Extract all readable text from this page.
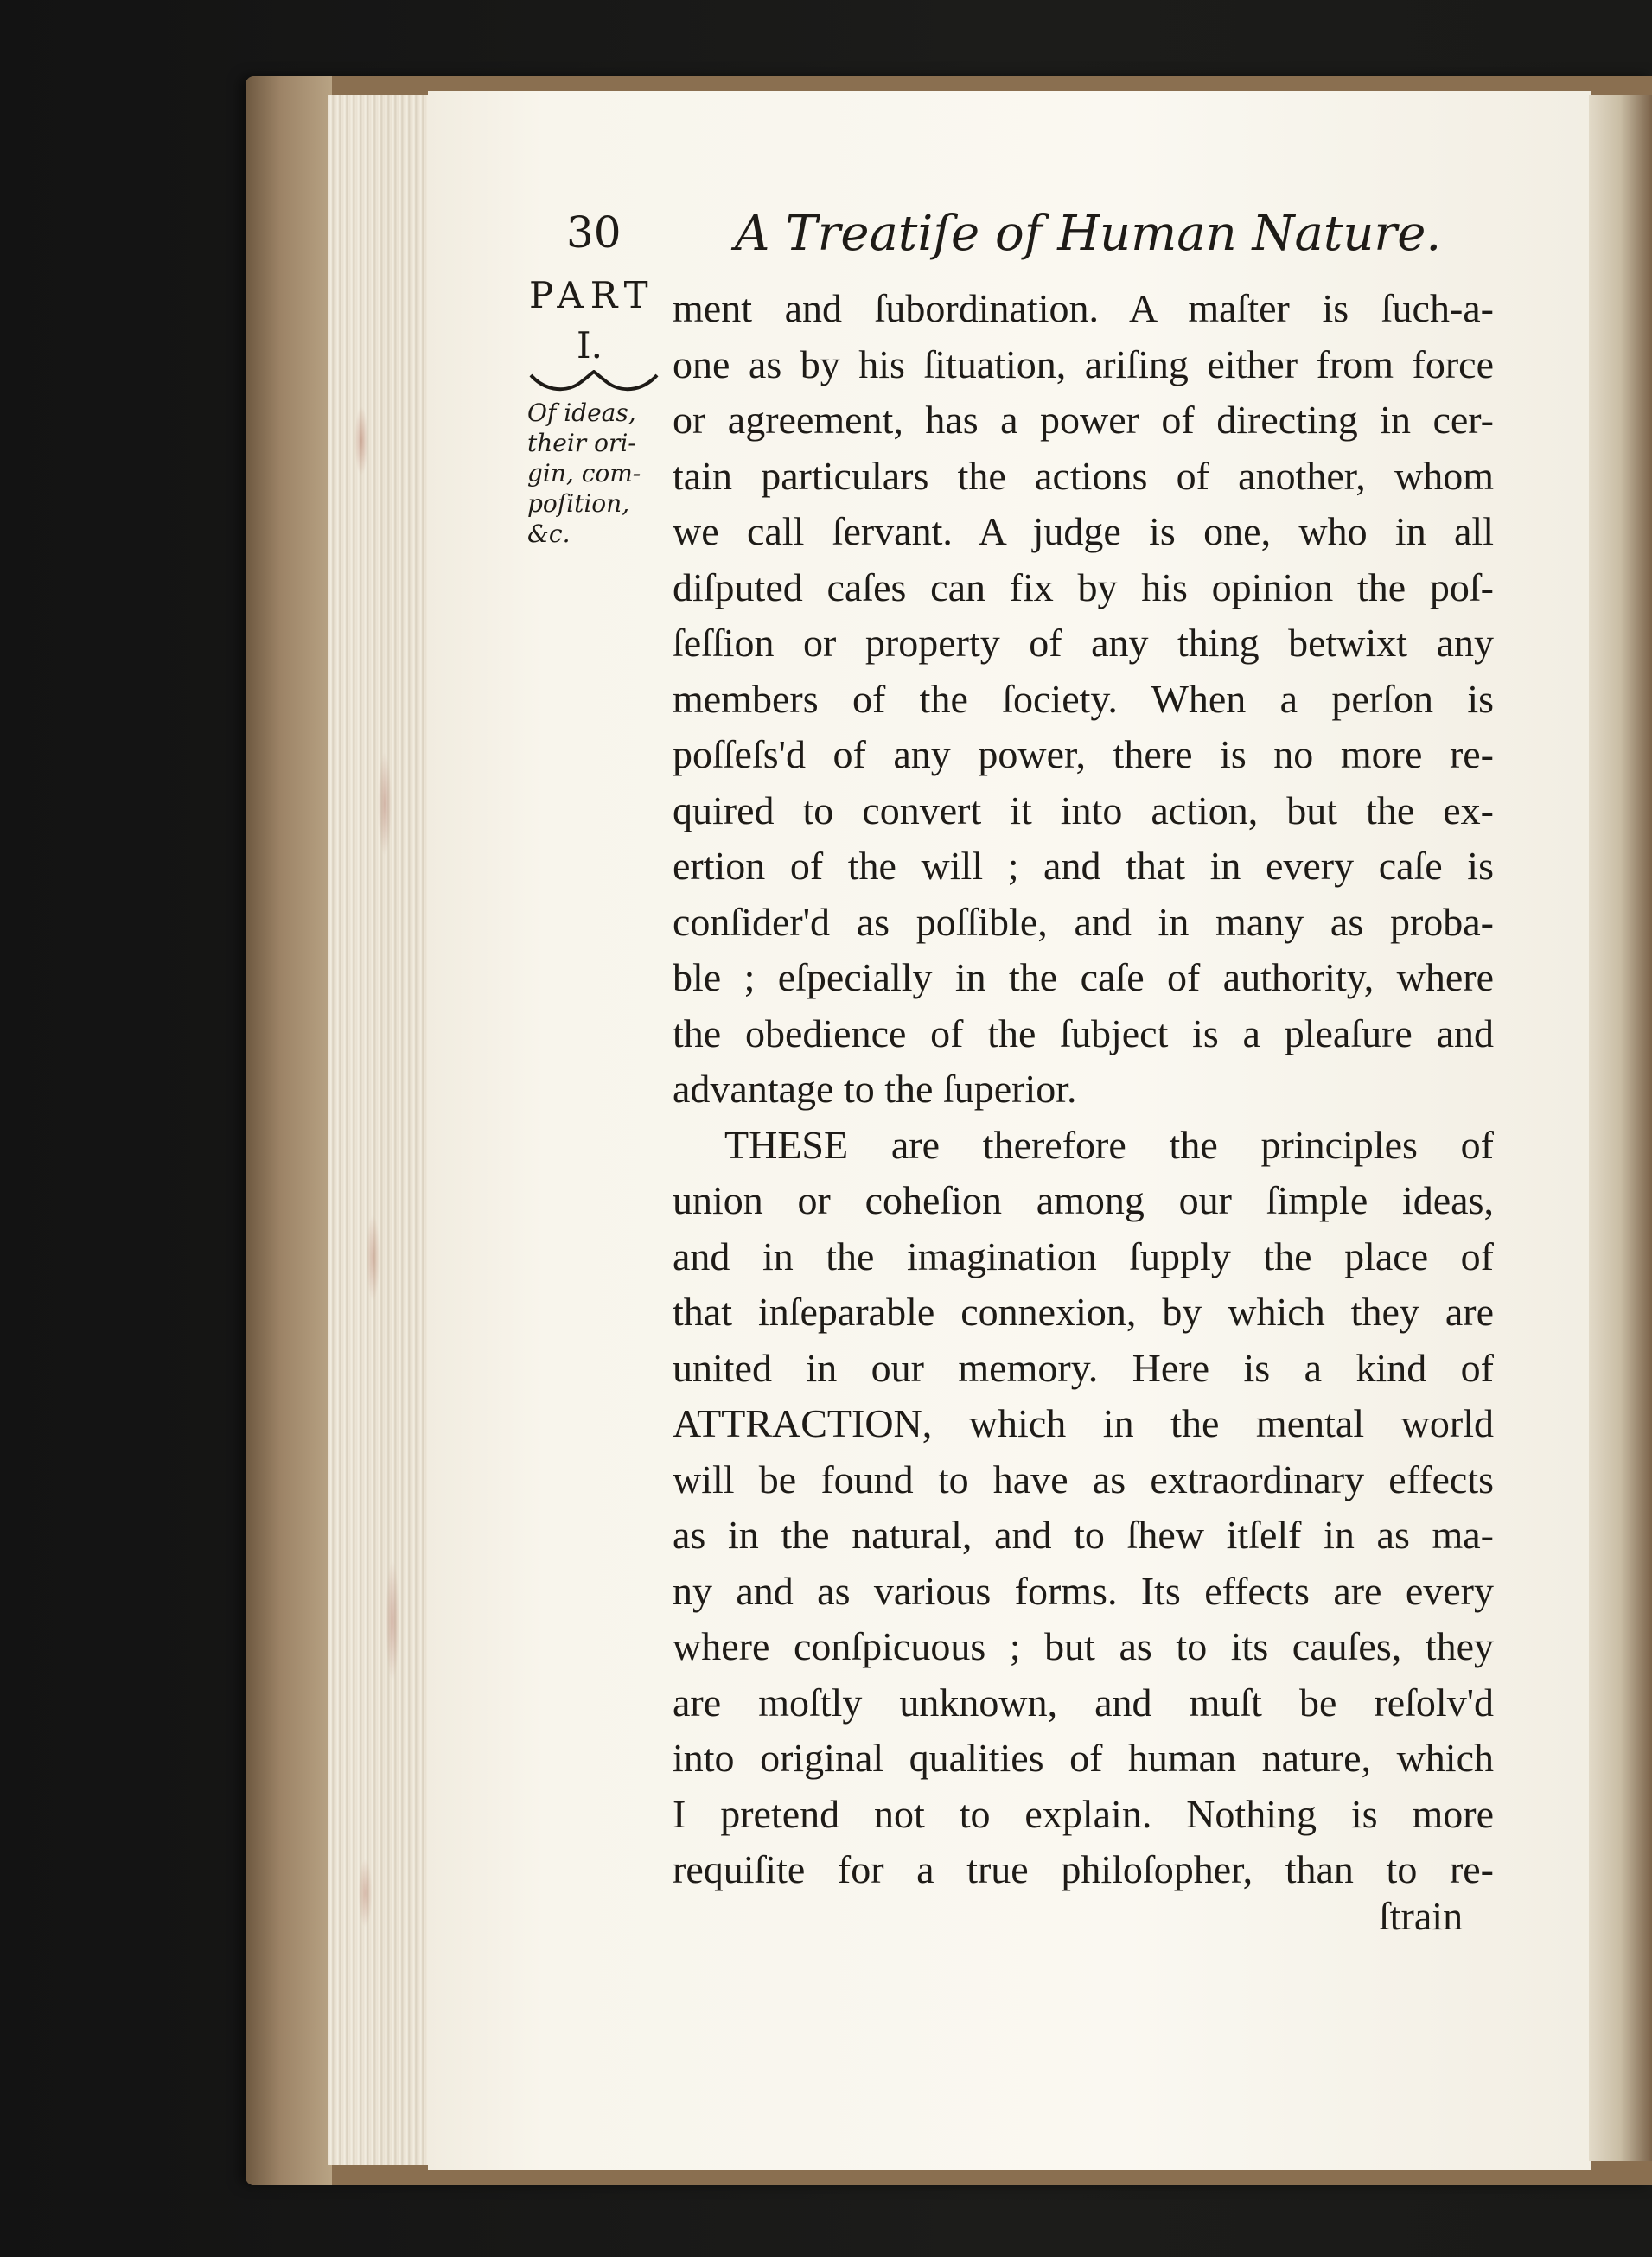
30 A Treatiſe of Human Nature.
PART
I.
Of ideas,
their ori-
gin, com-
poſition,
&c.
ment and ſubordination. A maſter is ſuch-a-
one as by his ſituation, ariſing either from force
or agreement, has a power of directing in cer-
tain particulars the actions of another, whom
we call ſervant. A judge is one, who in all
diſputed caſes can fix by his opinion the poſ-
ſeſſion or property of any thing betwixt any
members of the ſociety. When a perſon is
poſſeſs'd of any power, there is no more re-
quired to convert it into action, but the ex-
ertion of the will ; and that in every caſe is
conſider'd as poſſible, and in many as proba-
ble ; eſpecially in the caſe of authority, where
the obedience of the ſubject is a pleaſure and
advantage to the ſuperior.
THESE are therefore the principles of
union or coheſion among our ſimple ideas,
and in the imagination ſupply the place of
that inſeparable connexion, by which they are
united in our memory. Here is a kind of
ATTRACTION, which in the mental world
will be found to have as extraordinary effects
as in the natural, and to ſhew itſelf in as ma-
ny and as various forms. Its effects are every
where conſpicuous ; but as to its cauſes, they
are moſtly unknown, and muſt be reſolv'd
into original qualities of human nature, which
I pretend not to explain. Nothing is more
requiſite for a true philoſopher, than to re-
ſtrain
